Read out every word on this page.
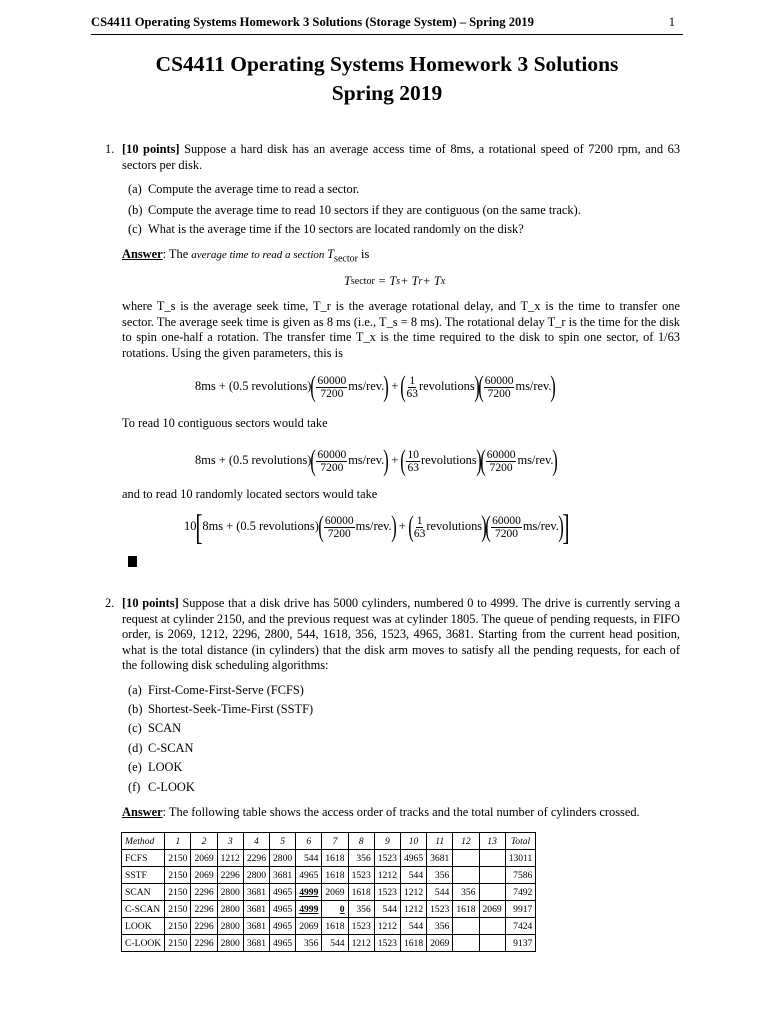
CS4411 Operating Systems Homework 3 Solutions (Storage System) – Spring 2019	1
CS4411 Operating Systems Homework 3 Solutions
Spring 2019
1. [10 points] Suppose a hard disk has an average access time of 8ms, a rotational speed of 7200 rpm, and 63 sectors per disk.
(a) Compute the average time to read a sector.
(b) Compute the average time to read 10 sectors if they are contiguous (on the same track).
(c) What is the average time if the 10 sectors are located randomly on the disk?
Answer: The average time to read a section $T_{sector}$ is
T sector
= T s + T r + T x
where T_s is the average seek time, T_r is the average rotational delay, and T_x is the time to transfer one sector. The average seek time is given as 8 ms (i.e., T_s = 8 ms). The rotational delay T_r is the time for the disk to spin one-half a rotation. The transfer time T_x is the time required to the disk to spin one sector, of 1/63 rotations. Using the given parameters, this is
8ms + (0.5 revolutions) ( $\frac{60000}{7200} ms/rev$. )
+
( $\frac{1}{63}$ revolutions )
( $\frac{60000}{7200} ms/rev$. )
To read 10 contiguous sectors would take
8ms + (0.5 revolutions) ( $\frac{60000}{7200} ms/rev$. )
+
( $\frac{10}{63}$ revolutions )
( $\frac{60000}{7200} ms/rev$. )
and to read 10 randomly located sectors would take
10 [ 8ms + (0.5 revolutions) ( $\frac{60000}{7200} ms/rev$. )
+
( $\frac{1}{63}$ revolutions )
( $\frac{60000}{7200} ms/rev$. )
]
2. [10 points] Suppose that a disk drive has 5000 cylinders, numbered 0 to 4999. The drive is currently serving a request at cylinder 2150, and the previous request was at cylinder 1805. The queue of pending requests, in FIFO order, is 2069, 1212, 2296, 2800, 544, 1618, 356, 1523, 4965, 3681. Starting from the current head position, what is the total distance (in cylinders) that the disk arm moves to satisfy all the pending requests, for each of the following disk scheduling algorithms:
(a) First-Come-First-Serve (FCFS)
(b) Shortest-Seek-Time-First (SSTF)
(c) SCAN
(d) C-SCAN
(e) LOOK
(f) C-LOOK
Answer: The following table shows the access order of tracks and the total number of cylinders crossed.
Method	1	2	3	4	5	6	7	8	9	10	11	12	13	Total
FCFS	2150	2069	1212	2296	2800	544	1618	356	1523	4965	3681			13011
SSTF	2150	2069	2296	2800	3681	4965	1618	1523	1212	544	356			7586
SCAN	2150	2296	2800	3681	4965	4999	2069	1618	1523	1212	544	356		7492
C-SCAN	2150	2296	2800	3681	4965	4999	0	356	544	1212	1523	1618	2069	9917
LOOK	2150	2296	2800	3681	4965	2069	1618	1523	1212	544	356			7424
C-LOOK	2150	2296	2800	3681	4965	356	544	1212	1523	1618	2069			9137
